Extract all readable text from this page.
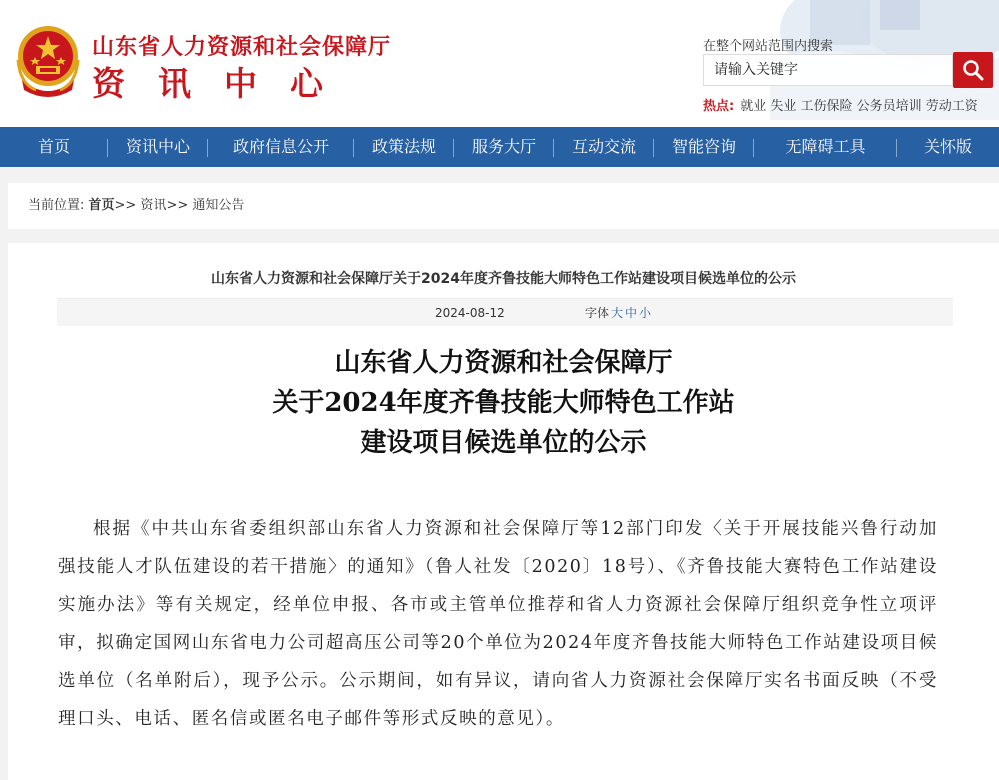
山东省人力资源和社会保障厅
资讯中心
在整个网站范围内搜索
请输入关键字
热点: 就业 失业 工伤保险 公务员培训 劳动工资
首页	资讯中心	政府信息公开	政策法规	服务大厅	互动交流	智能咨询	无障碍工具	关怀版
当前位置: 首页>> 资讯>> 通知公告
山东省人力资源和社会保障厅关于2024年度齐鲁技能大师特色工作站建设项目候选单位的公示
2024-08-12	字体 大 中 小
山东省人力资源和社会保障厅
关于2024年度齐鲁技能大师特色工作站
建设项目候选单位的公示

根据《中共山东省委组织部山东省人力资源和社会保障厅等12部门印发〈关于开展技能兴鲁行动加强技能人才队伍建设的若干措施〉的通知》（鲁人社发〔2020〕18号）、《齐鲁技能大赛特色工作站建设实施办法》等有关规定，经单位申报、各市或主管单位推荐和省人力资源社会保障厅组织竞争性立项评审，拟确定国网山东省电力公司超高压公司等20个单位为2024年度齐鲁技能大师特色工作站建设项目候选单位（名单附后），现予公示。公示期间，如有异议，请向省人力资源社会保障厅实名书面反映（不受理口头、电话、匿名信或匿名电子邮件等形式反映的意见）。
